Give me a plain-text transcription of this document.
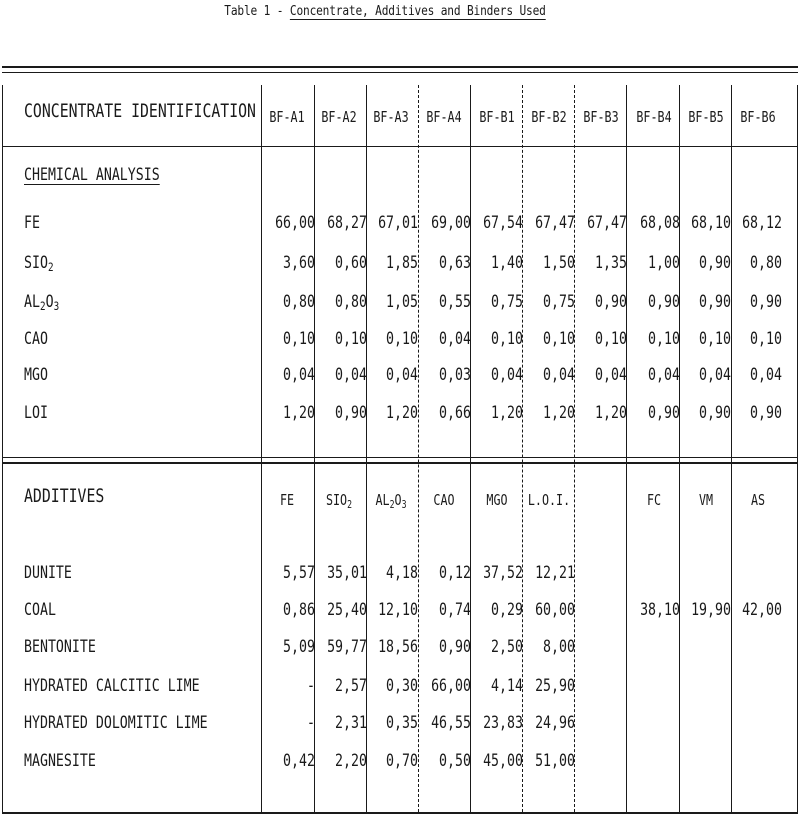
Table 1 - Concentrate, Additives and Binders Used
CONCENTRATE IDENTIFICATION BF-A1	BF-A2	BF-A3	BF-A4	BF-B1	BF-B2	BF-B3	BF-B4	BF-B5	BF-B6
CHEMICAL ANALYSIS
FE	66,00 68,27 67,01 69,00 67,54 67,47 67,47 68,08 68,10 68,12
$SIO_2$	3,60	0,60	1,85	0,63	1,40	1,50	1,35	1,00	0,90	0,80
$AL_2O_3$	0,80	0,80	1,05	0,55	0,75	0,75	0,90	0,90	0,90	0,90
CAO	0,10	0,10	0,10	0,04	0,10	0,10	0,10	0,10	0,10	0,10
MGO	0,04	0,04	0,04	0,03	0,04	0,04	0,04	0,04	0,04	0,04
LOI	1,20	0,90	1,20	0,66	1,20	1,20	1,20	0,90	0,90	0,90
ADDITIVES	FE	$SIO_2$	$AL_2O_3$	CAO	MGO	L.O.I.	FC	VM	AS
DUNITE	5,57 35,01	4,18	0,12 37,52 12,21
COAL	0,86 25,40 12,10	0,74	0,29 60,00	38,10 19,90 42,00
BENTONITE	5,09 59,77 18,56	0,90	2,50	8,00
HYDRATED CALCITIC LIME	-	2,57	0,30 66,00	4,14 25,90
HYDRATED DOLOMITIC LIME	-	2,31	0,35 46,55 23,83 24,96
MAGNESITE	0,42	2,20	0,70	0,50 45,00 51,00
